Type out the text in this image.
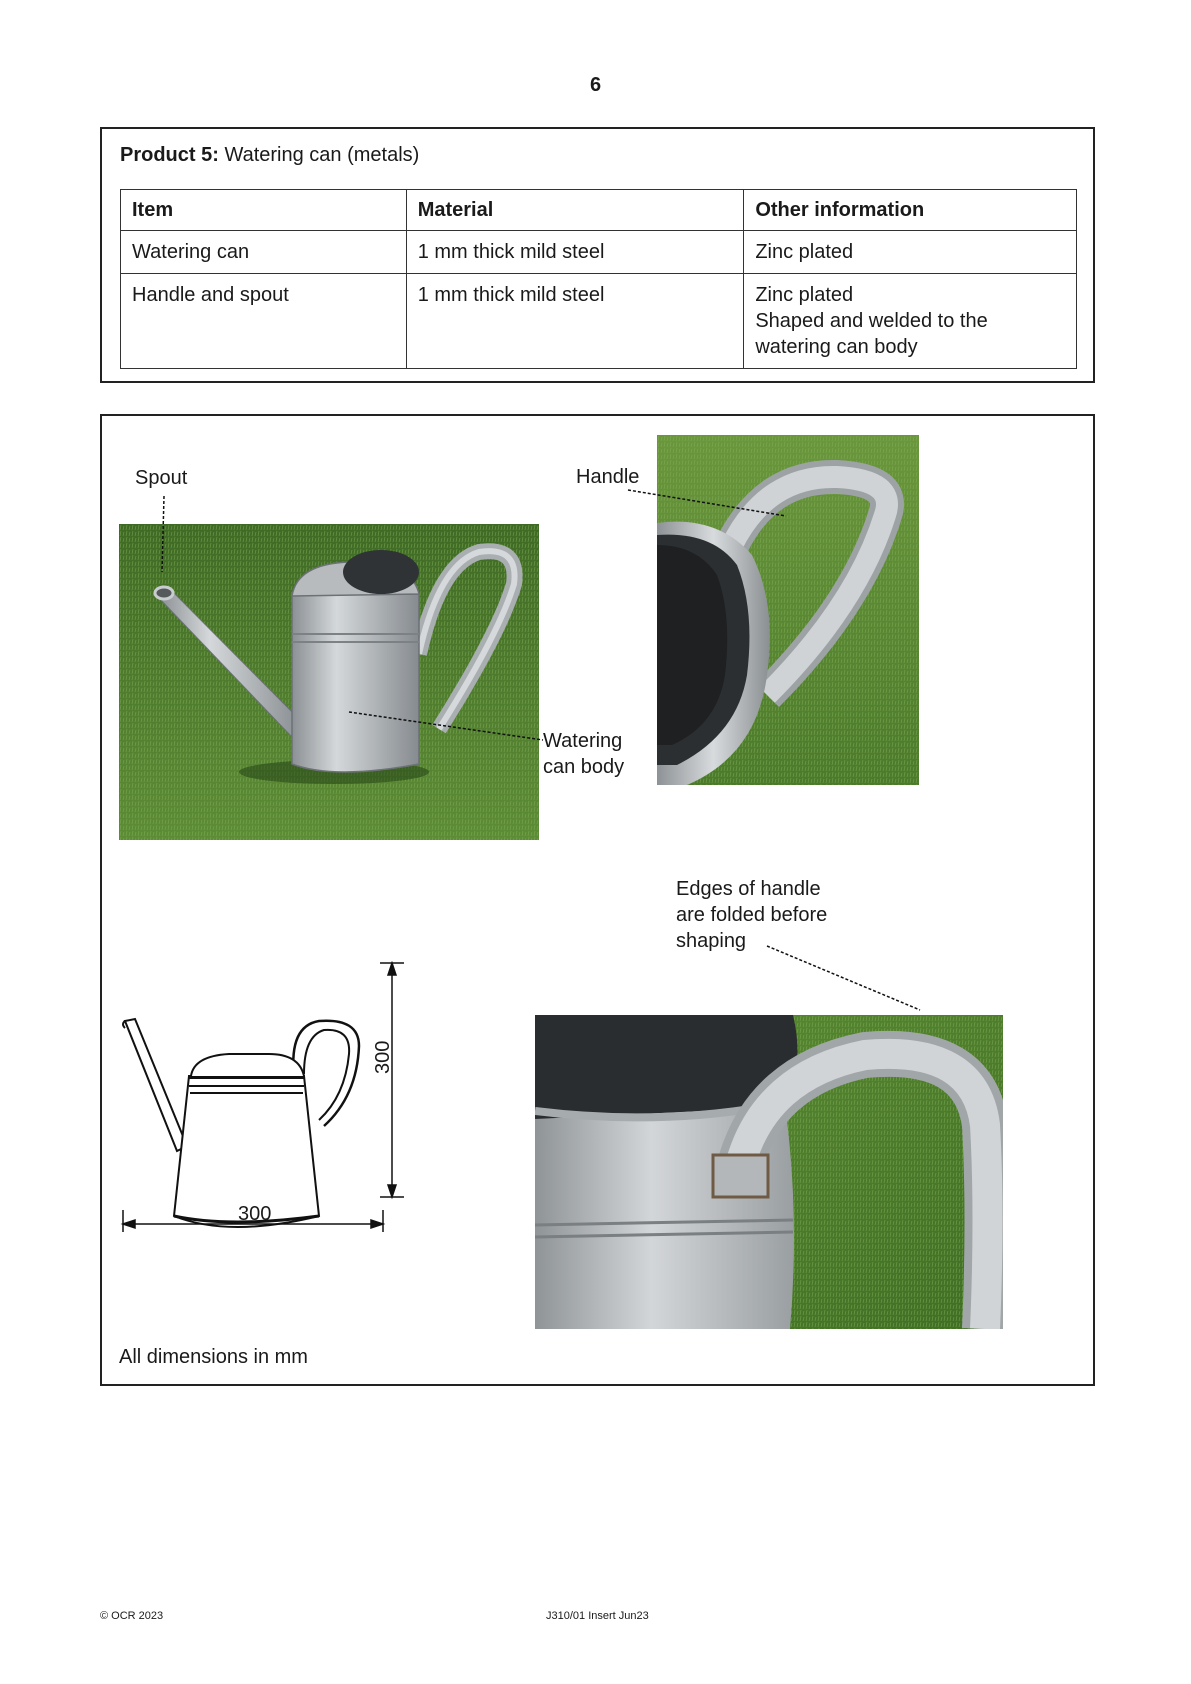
6
Product 5: Watering can (metals)
Item	Material	Other information
Watering can	1 mm thick mild steel	Zinc plated
Handle and spout	1 mm thick mild steel	Zinc plated
Shaped and welded to the
watering can body
Spout
Watering
can body
Handle
300
300
Edges of handle
are folded before
shaping
All dimensions in mm
© OCR 2023	J310/01 Insert Jun23
